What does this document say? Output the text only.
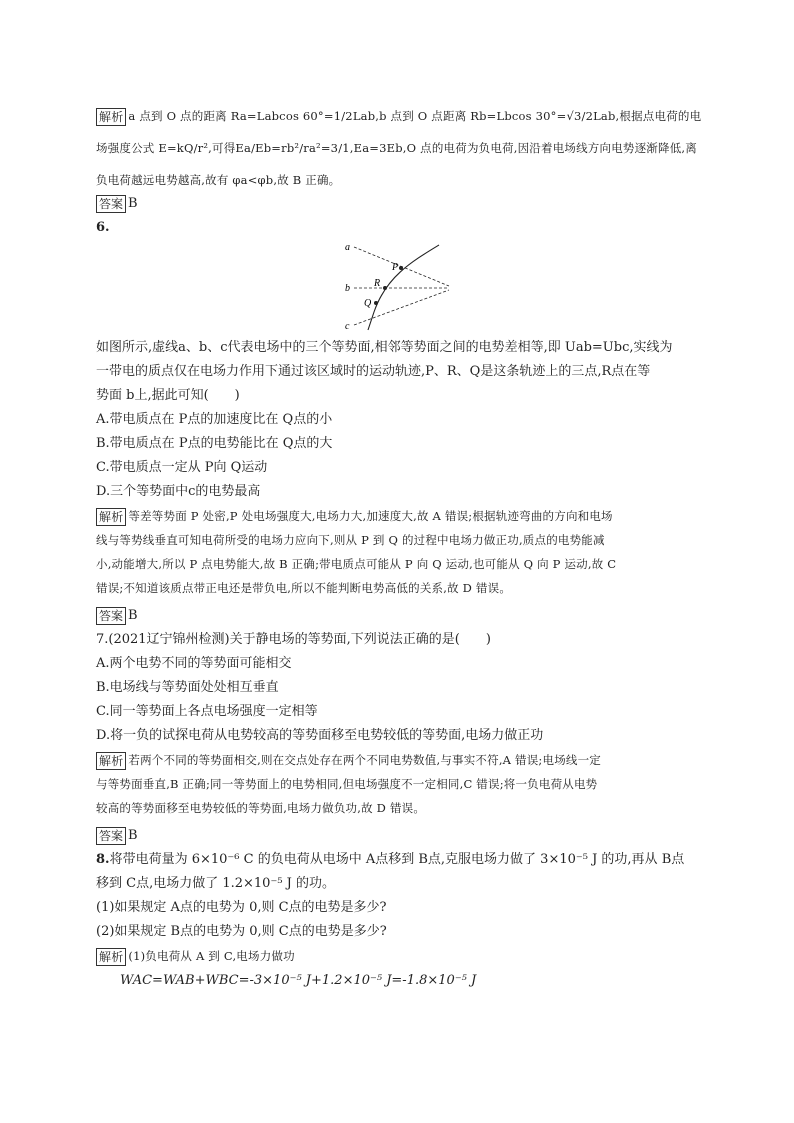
解析 a 点到 O 点的距离 Ra=Labcos 60°=1/2Lab,b 点到 O 点距离 Rb=Lbcos 30°=√3/2Lab,根据点电荷的电
场强度公式 E=kQ/r²,可得Ea/Eb=rb²/ra²=3/1,Ea=3Eb,O 点的电荷为负电荷,因沿着电场线方向电势逐渐降低,离
负电荷越远电势越高,故有 φa<φb,故 B 正确。
答案 B
6.
a
b
c
P
R
Q
如图所示,虚线a、b、c代表电场中的三个等势面,相邻等势面之间的电势差相等,即 Uab=Ubc,实线为
一带电的质点仅在电场力作用下通过该区域时的运动轨迹,P、R、Q是这条轨迹上的三点,R点在等
势面 b上,据此可知(　　)
A.带电质点在 P点的加速度比在 Q点的小
B.带电质点在 P点的电势能比在 Q点的大
C.带电质点一定从 P向 Q运动
D.三个等势面中c的电势最高
解析 等差等势面 P 处密,P 处电场强度大,电场力大,加速度大,故 A 错误;根据轨迹弯曲的方向和电场
线与等势线垂直可知电荷所受的电场力应向下,则从 P 到 Q 的过程中电场力做正功,质点的电势能减
小,动能增大,所以 P 点电势能大,故 B 正确;带电质点可能从 P 向 Q 运动,也可能从 Q 向 P 运动,故 C
错误;不知道该质点带正电还是带负电,所以不能判断电势高低的关系,故 D 错误。
答案 B
7.(2021辽宁锦州检测)关于静电场的等势面,下列说法正确的是(　　)
A.两个电势不同的等势面可能相交
B.电场线与等势面处处相互垂直
C.同一等势面上各点电场强度一定相等
D.将一负的试探电荷从电势较高的等势面移至电势较低的等势面,电场力做正功
解析 若两个不同的等势面相交,则在交点处存在两个不同电势数值,与事实不符,A 错误;电场线一定
与等势面垂直,B 正确;同一等势面上的电势相同,但电场强度不一定相同,C 错误;将一负电荷从电势
较高的等势面移至电势较低的等势面,电场力做负功,故 D 错误。
答案 B
8.将带电荷量为 6×10⁻⁶ C 的负电荷从电场中 A点移到 B点,克服电场力做了 3×10⁻⁵ J 的功,再从 B点
移到 C点,电场力做了 1.2×10⁻⁵ J 的功。
(1)如果规定 A点的电势为 0,则 C点的电势是多少?
(2)如果规定 B点的电势为 0,则 C点的电势是多少?
解析 (1)负电荷从 A 到 C,电场力做功
WAC=WAB+WBC=-3×10⁻⁵ J+1.2×10⁻⁵ J=-1.8×10⁻⁵ J
